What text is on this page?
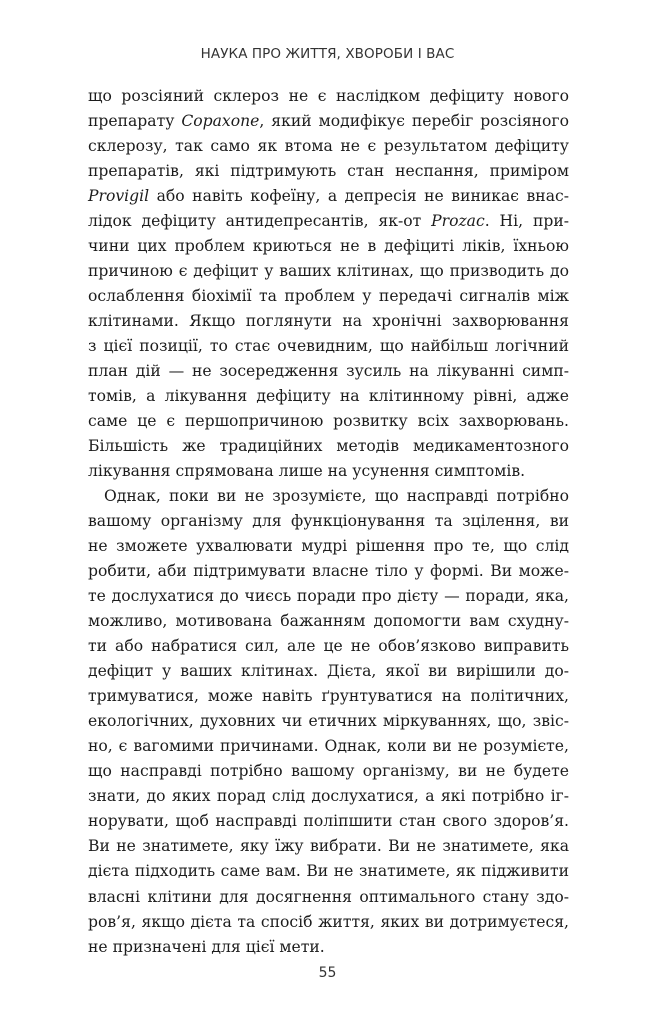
НАУКА ПРО ЖИТТЯ, ХВОРОБИ І ВАС
що розсіяний склероз не є наслідком дефіциту нового
препарату Copaxone, який модифікує перебіг розсіяного
склерозу, так само як втома не є результатом дефіциту
препаратів, які підтримують стан неспання, приміром
Provigil або навіть кофеїну, а депресія не виникає внас-
лідок дефіциту антидепресантів, як-от Prozac. Ні, при-
чини цих проблем криються не в дефіциті ліків, їхньою
причиною є дефіцит у ваших клітинах, що призводить до
ослаблення біохімії та проблем у передачі сигналів між
клітинами. Якщо поглянути на хронічні захворювання
з цієї позиції, то стає очевидним, що найбільш логічний
план дій — не зосередження зусиль на лікуванні симп-
томів, а лікування дефіциту на клітинному рівні, адже
саме це є першопричиною розвитку всіх захворювань.
Більшість же традиційних методів медикаментозного
лікування спрямована лише на усунення симптомів.
Однак, поки ви не зрозумієте, що насправді потрібно
вашому організму для функціонування та зцілення, ви
не зможете ухвалювати мудрі рішення про те, що слід
робити, аби підтримувати власне тіло у формі. Ви може-
те дослухатися до чиєсь поради про дієту — поради, яка,
можливо, мотивована бажанням допомогти вам схудну-
ти або набратися сил, але це не обов’язково виправить
дефіцит у ваших клітинах. Дієта, якої ви вирішили до-
тримуватися, може навіть ґрунтуватися на політичних,
екологічних, духовних чи етичних міркуваннях, що, звіс-
но, є вагомими причинами. Однак, коли ви не розумієте,
що насправді потрібно вашому організму, ви не будете
знати, до яких порад слід дослухатися, а які потрібно іг-
норувати, щоб насправді поліпшити стан свого здоров’я.
Ви не знатимете, яку їжу вибрати. Ви не знатимете, яка
дієта підходить саме вам. Ви не знатимете, як підживити
власні клітини для досягнення оптимального стану здо-
ров’я, якщо дієта та спосіб життя, яких ви дотримуєтеся,
не призначені для цієї мети.
55
